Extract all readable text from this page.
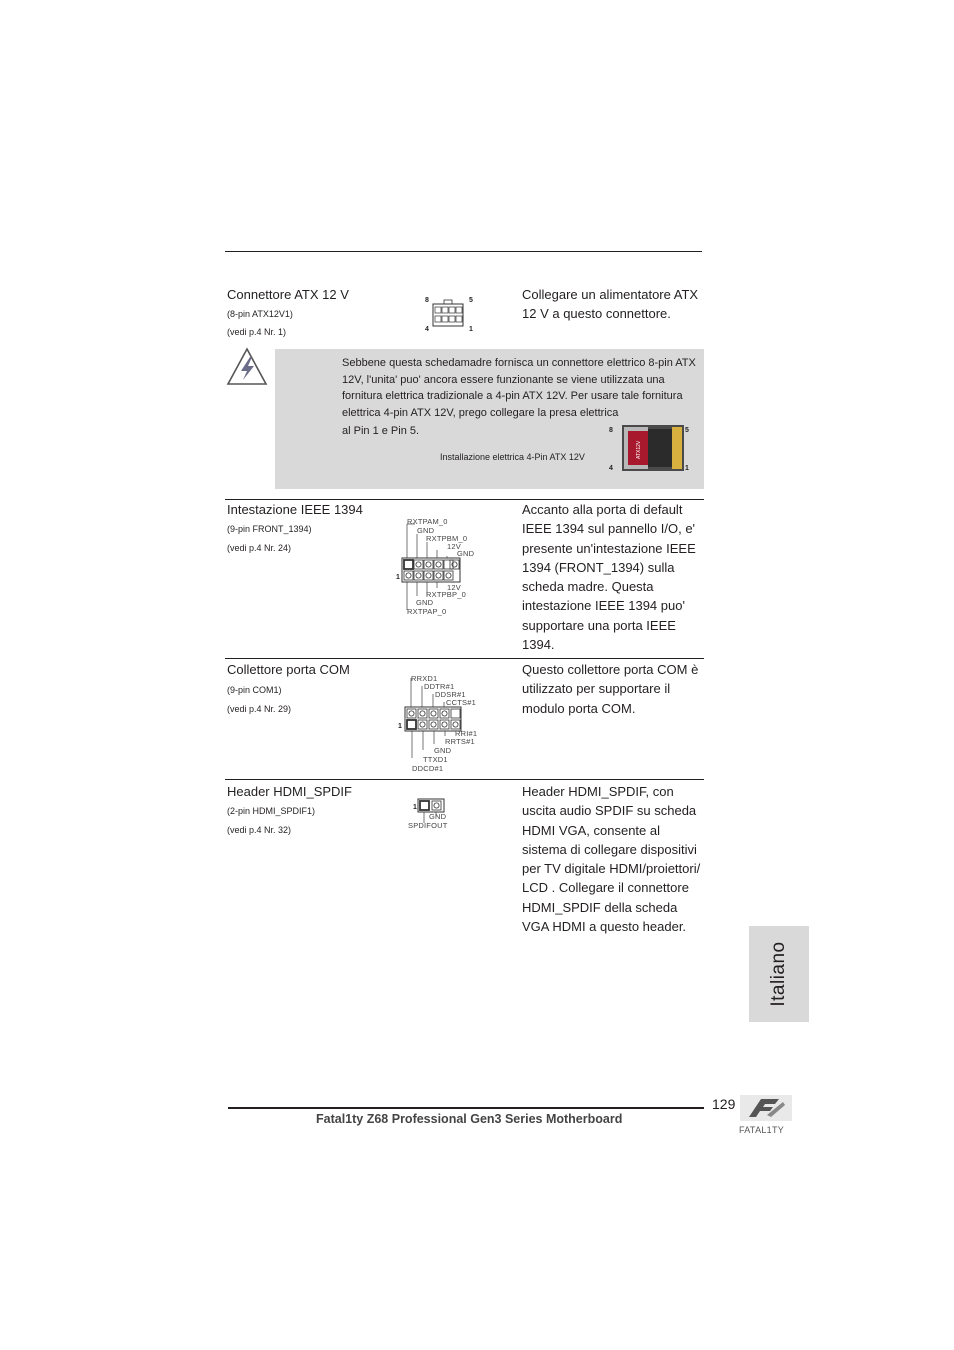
Connettore ATX 12 V
(8-pin ATX12V1)
(vedi p.4 Nr. 1)
8	5
4	1
Collegare un alimentatore ATX
12 V a questo connettore.
Sebbene questa schedamadre fornisca un connettore elettrico 8-pin ATX
12V, l'unita' puo' ancora essere funzionante se viene utilizzata una
fornitura elettrica tradizionale a 4-pin ATX 12V. Per usare tale fornitura
elettrica 4-pin ATX 12V, prego collegare la presa elettrica
al Pin 1 e Pin 5.
Installazione elettrica 4-Pin ATX 12V
8	5
4	1
ATX12V
Intestazione IEEE 1394
(9-pin FRONT_1394)
(vedi p.4 Nr. 24)
RXTPAM_0
GND
RXTPBM_0
12V
GND
1
12V
RXTPBP_0
GND
RXTPAP_0
Accanto alla porta di default
IEEE 1394 sul pannello I/O, e'
presente un'intestazione IEEE
1394 (FRONT_1394) sulla
scheda madre. Questa
intestazione IEEE 1394 puo'
supportare una porta IEEE
1394.
Collettore porta COM
(9-pin COM1)
(vedi p.4 Nr. 29)
RRXD1
DDTR#1
DDSR#1
CCTS#1
1
RRI#1
RRTS#1
GND
TTXD1
DDCD#1
Questo collettore porta COM è
utilizzato per supportare il
modulo porta COM.
Header HDMI_SPDIF
(2-pin HDMI_SPDIF1)
(vedi p.4 Nr. 32)
1
GND
SPDIFOUT
Header HDMI_SPDIF, con
uscita audio SPDIF su scheda
HDMI VGA, consente al
sistema di collegare dispositivi
per TV digitale HDMI/proiettori/
LCD . Collegare il connettore
HDMI_SPDIF della scheda
VGA HDMI a questo header.
Italiano
129
Fatal1ty Z68 Professional Gen3 Series Motherboard
FATAL1TY
